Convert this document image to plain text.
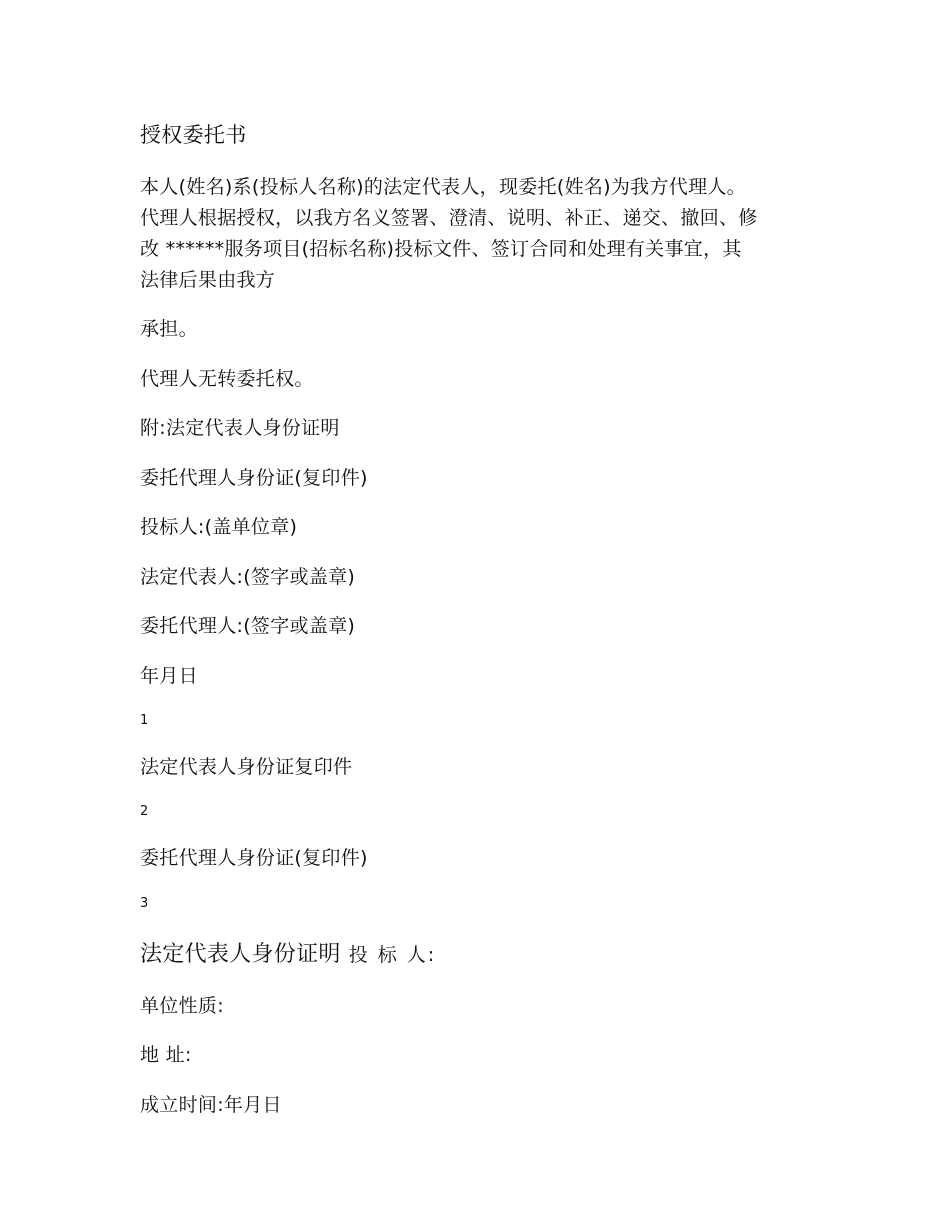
授权委托书
本人(姓名)系(投标人名称)的法定代表人，现委托(姓名)为我方代理人。
代理人根据授权，以我方名义签署、澄清、说明、补正、递交、撤回、修
改 ******服务项目(招标名称)投标文件、签订合同和处理有关事宜，其
法律后果由我方
承担。
代理人无转委托权。
附:法定代表人身份证明
委托代理人身份证(复印件)
投标人:(盖单位章)
法定代表人:(签字或盖章)
委托代理人:(签字或盖章)
年月日
1
法定代表人身份证复印件
2
委托代理人身份证(复印件)
3
法定代表人身份证明 投 标 人:
单位性质:
地 址:
成立时间:年月日
